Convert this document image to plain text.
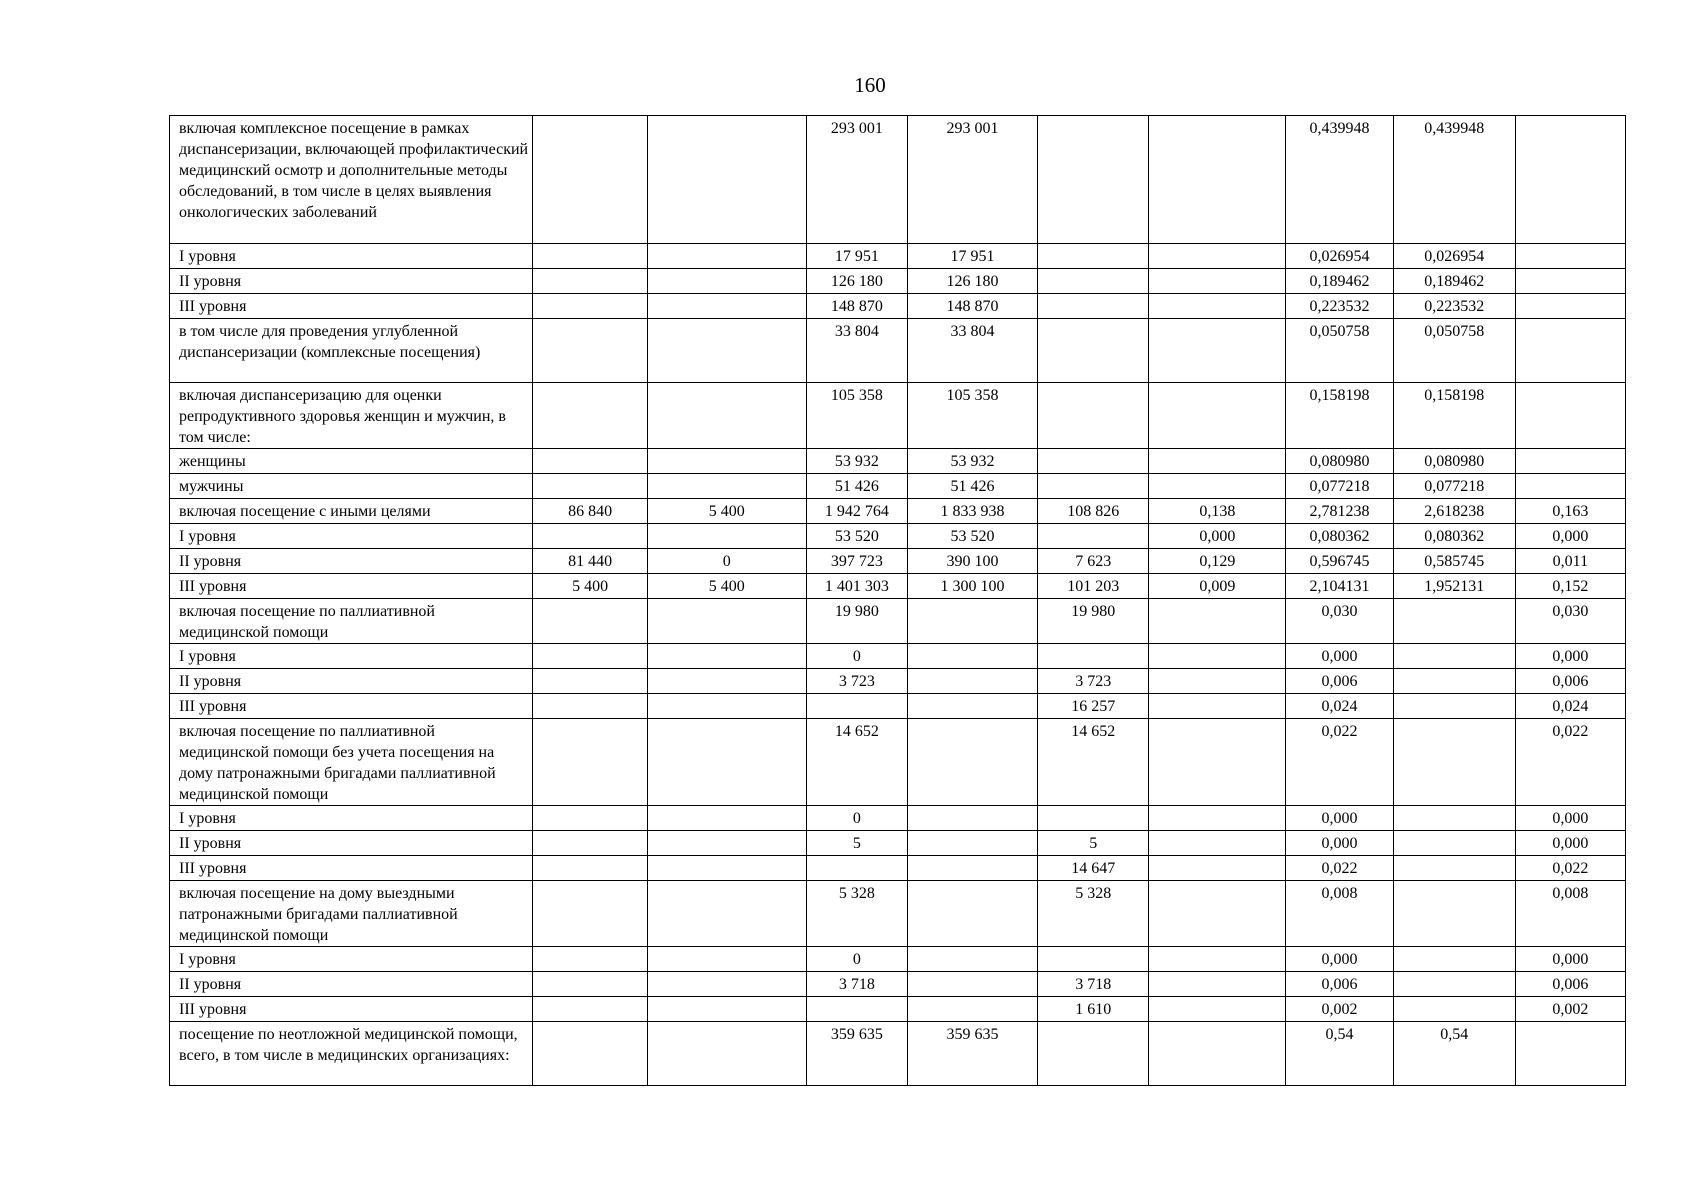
160
включая комплексное посещение в рамках диспансеризации, включающей профилактический медицинский осмотр и дополнительные методы обследований, в том числе в целях выявления онкологических заболеваний			293 001	293 001			0,439948	0,439948	
I уровня			17 951	17 951			0,026954	0,026954	
II уровня			126 180	126 180			0,189462	0,189462	
III уровня			148 870	148 870			0,223532	0,223532	
в том числе для проведения углубленной диспансеризации (комплексные посещения)			33 804	33 804			0,050758	0,050758	
включая диспансеризацию для оценки репродуктивного здоровья женщин и мужчин, в том числе:			105 358	105 358			0,158198	0,158198	
женщины			53 932	53 932			0,080980	0,080980	
мужчины			51 426	51 426			0,077218	0,077218	
включая посещение с иными целями	86 840	5 400	1 942 764	1 833 938	108 826	0,138	2,781238	2,618238	0,163
I уровня			53 520	53 520		0,000	0,080362	0,080362	0,000
II уровня	81 440	0	397 723	390 100	7 623	0,129	0,596745	0,585745	0,011
III уровня	5 400	5 400	1 401 303	1 300 100	101 203	0,009	2,104131	1,952131	0,152
включая посещение по паллиативной медицинской помощи			19 980		19 980		0,030		0,030
I уровня			0				0,000		0,000
II уровня			3 723		3 723		0,006		0,006
III уровня					16 257		0,024		0,024
включая посещение по паллиативной медицинской помощи без учета посещения на дому патронажными бригадами паллиативной медицинской помощи			14 652		14 652		0,022		0,022
I уровня			0				0,000		0,000
II уровня			5		5		0,000		0,000
III уровня					14 647		0,022		0,022
включая посещение на дому выездными патронажными бригадами паллиативной медицинской помощи			5 328		5 328		0,008		0,008
I уровня			0				0,000		0,000
II уровня			3 718		3 718		0,006		0,006
III уровня					1 610		0,002		0,002
посещение по неотложной медицинской помощи, всего, в том числе в медицинских организациях:			359 635	359 635			0,54	0,54	
